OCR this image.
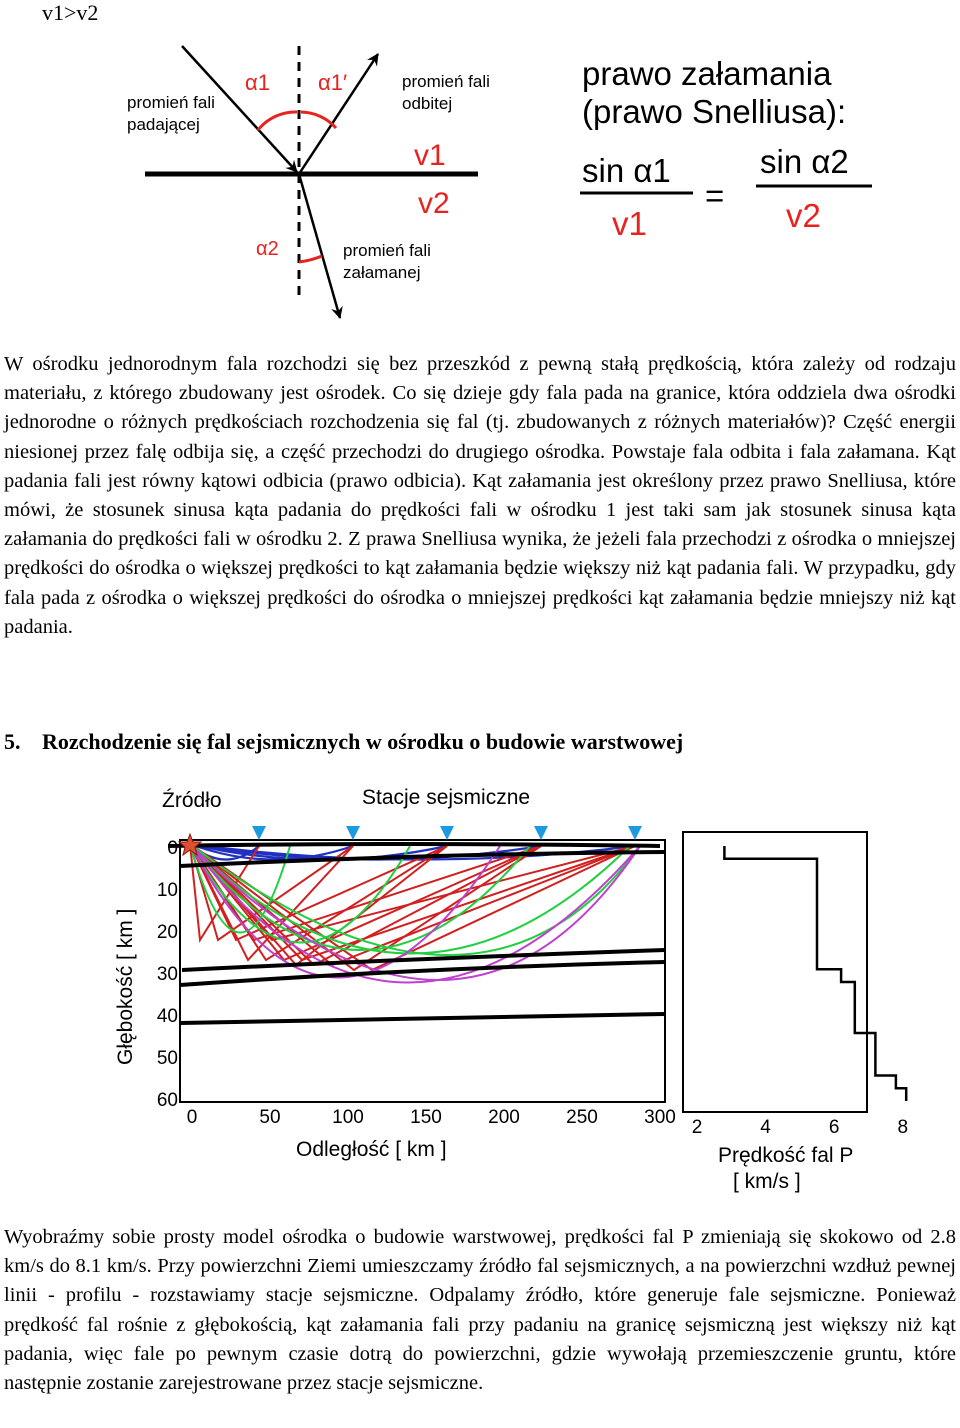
v1>v2
promień fali
padającej
promień fali
odbitej
promień fali
załamanej
α1 α1′
α2
v1
v2
prawo załamania
(prawo Snelliusa):
sin α1
v1
=
sin α2
v2

W ośrodku jednorodnym fala rozchodzi się bez przeszkód z pewną stałą prędkością, która zależy od rodzaju materiału, z którego zbudowany jest ośrodek. Co się dzieje gdy fala pada na granice, która oddziela dwa ośrodki jednorodne o różnych prędkościach rozchodzenia się fal (tj. zbudowanych z różnych materiałów)? Część energii niesionej przez falę odbija się, a część przechodzi do drugiego ośrodka. Powstaje fala odbita i fala załamana. Kąt padania fali jest równy kątowi odbicia (prawo odbicia). Kąt załamania jest określony przez prawo Snelliusa, które mówi, że stosunek sinusa kąta padania do prędkości fali w ośrodku 1 jest taki sam jak stosunek sinusa kąta załamania do prędkości fali w ośrodku 2. Z prawa Snelliusa wynika, że jeżeli fala przechodzi z ośrodka o mniejszej prędkości do ośrodka o większej prędkości to kąt załamania będzie większy niż kąt padania fali. W przypadku, gdy fala pada z ośrodka o większej prędkości do ośrodka o mniejszej prędkości kąt załamania będzie mniejszy niż kąt padania.

5. Rozchodzenie się fal sejsmicznych w ośrodku o budowie warstwowej
0
10
20
30
40
50
60
0	50	100 150 200 250 300
Głębokość [ km ]
Odległość [ km ]
Źródło	Stacje sejsmiczne
2	4	6	8
Prędkość fal P
[ km/s ]

Wyobraźmy sobie prosty model ośrodka o budowie warstwowej, prędkości fal P zmieniają się skokowo od 2.8 km/s do 8.1 km/s. Przy powierzchni Ziemi umieszczamy źródło fal sejsmicznych, a na powierzchni wzdłuż pewnej linii - profilu - rozstawiamy stacje sejsmiczne. Odpalamy źródło, które generuje fale sejsmiczne. Ponieważ prędkość fal rośnie z głębokością, kąt załamania fali przy padaniu na granicę sejsmiczną jest większy niż kąt padania, więc fale po pewnym czasie dotrą do powierzchni, gdzie wywołają przemieszczenie gruntu, które następnie zostanie zarejestrowane przez stacje sejsmiczne.
